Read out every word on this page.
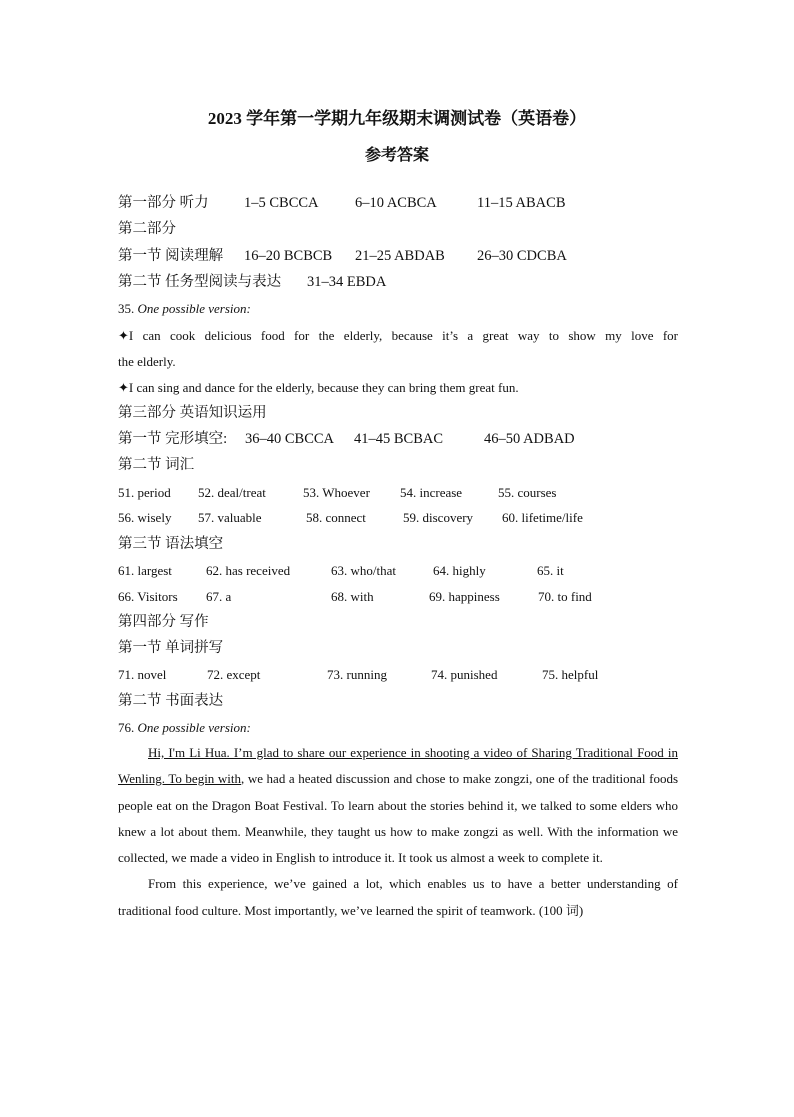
2023 学年第一学期九年级期末调测试卷（英语卷）
参考答案
第一部分 听力 1–5 CBCCA	6–10 ACBCA	11–15 ABACB
第二部分
第一节 阅读理解 16–20 BCBCB 21–25 ABDAB 26–30 CDCBA
第二节 任务型阅读与表达 31–34 EBDA
35. One possible version:
✦I can cook delicious food for the elderly, because it’s a great way to show my love for
the elderly.
✦I can sing and dance for the elderly, because they can bring them great fun.
第三部分 英语知识运用
第一节 完形填空: 36–40 CBCCA 41–45 BCBAC	46–50 ADBAD
第二节 词汇
51. period 52. deal/treat	53. Whoever 54. increase	55. courses
56. wisely 57. valuable	58. connect	59. discovery 60. lifetime/life
第三节 语法填空
61. largest	62. has received	63. who/that	64. highly	65. it
66. Visitors 67. a	68. with	69. happiness	70. to find
第四部分 写作
第一节 单词拼写
71. novel	72. except	73. running	74. punished	75. helpful
第二节 书面表达
76. One possible version:

Hi, I'm Li Hua. I’m glad to share our experience in shooting a video of Sharing Traditional Food in Wenling. To begin with, we had a heated discussion and chose to make zongzi, one of the traditional foods people eat on the Dragon Boat Festival. To learn about the stories behind it, we talked to some elders who knew a lot about them. Meanwhile, they taught us how to make zongzi as well. With the information we collected, we made a video in English to introduce it. It took us almost a week to complete it.

From this experience, we’ve gained a lot, which enables us to have a better understanding of traditional food culture. Most importantly, we’ve learned the spirit of teamwork. (100 词)
